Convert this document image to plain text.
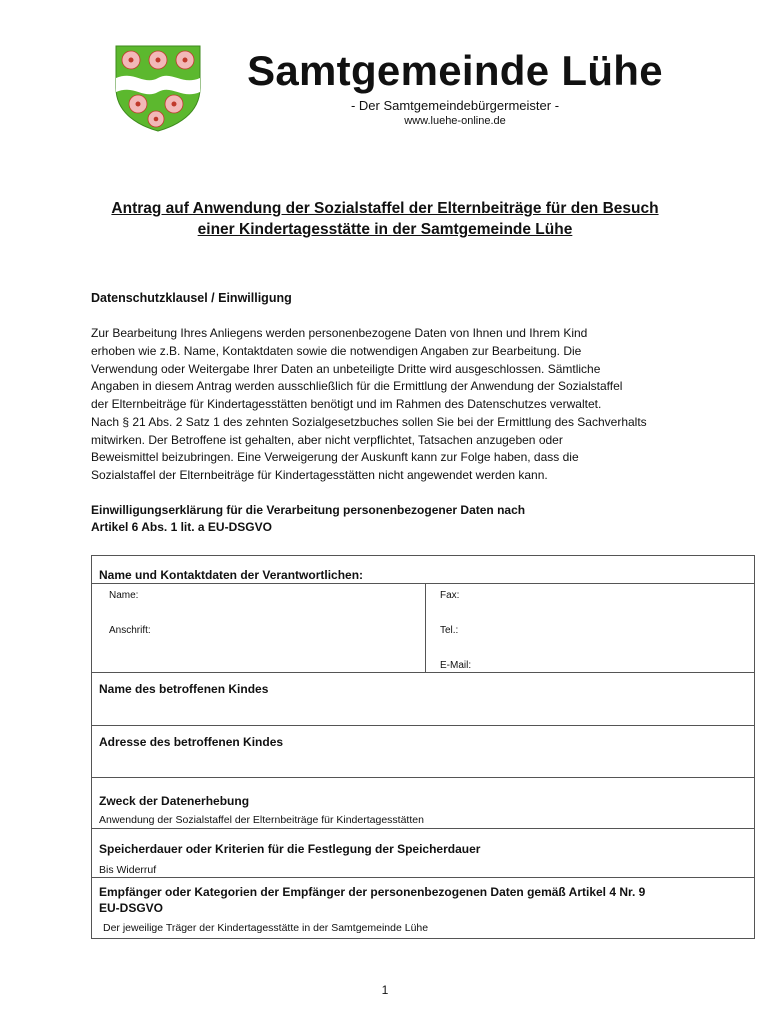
Samtgemeinde Lühe
- Der Samtgemeindebürgermeister -
www.luehe-online.de
Antrag auf Anwendung der Sozialstaffel der Elternbeiträge für den Besuch
einer Kindertagesstätte in der Samtgemeinde Lühe
Datenschutzklausel / Einwilligung

Zur Bearbeitung Ihres Anliegens werden personenbezogene Daten von Ihnen und Ihrem Kind

erhoben wie z.B. Name, Kontaktdaten sowie die notwendigen Angaben zur Bearbeitung. Die

Verwendung oder Weitergabe Ihrer Daten an unbeteiligte Dritte wird ausgeschlossen. Sämtliche

Angaben in diesem Antrag werden ausschließlich für die Ermittlung der Anwendung der Sozialstaffel

der Elternbeiträge für Kindertagesstätten benötigt und im Rahmen des Datenschutzes verwaltet.

Nach § 21 Abs. 2 Satz 1 des zehnten Sozialgesetzbuches sollen Sie bei der Ermittlung des Sachverhalts

mitwirken. Der Betroffene ist gehalten, aber nicht verpflichtet, Tatsachen anzugeben oder

Beweismittel beizubringen. Eine Verweigerung der Auskunft kann zur Folge haben, dass die

Sozialstaffel der Elternbeiträge für Kindertagesstätten nicht angewendet werden kann.

Einwilligungserklärung für die Verarbeitung personenbezogener Daten nach

Artikel 6 Abs. 1 lit. a EU-DSGVO

Name und Kontaktdaten der Verantwortlichen:
Name:	Fax:
Anschrift:	Tel.:
E-Mail:
Name des betroffenen Kindes
Adresse des betroffenen Kindes
Zweck der Datenerhebung
Anwendung der Sozialstaffel der Elternbeiträge für Kindertagesstätten
Speicherdauer oder Kriterien für die Festlegung der Speicherdauer
Bis Widerruf
Empfänger oder Kategorien der Empfänger der personenbezogenen Daten gemäß Artikel 4 Nr. 9
EU-DSGVO
Der jeweilige Träger der Kindertagesstätte in der Samtgemeinde Lühe
1
